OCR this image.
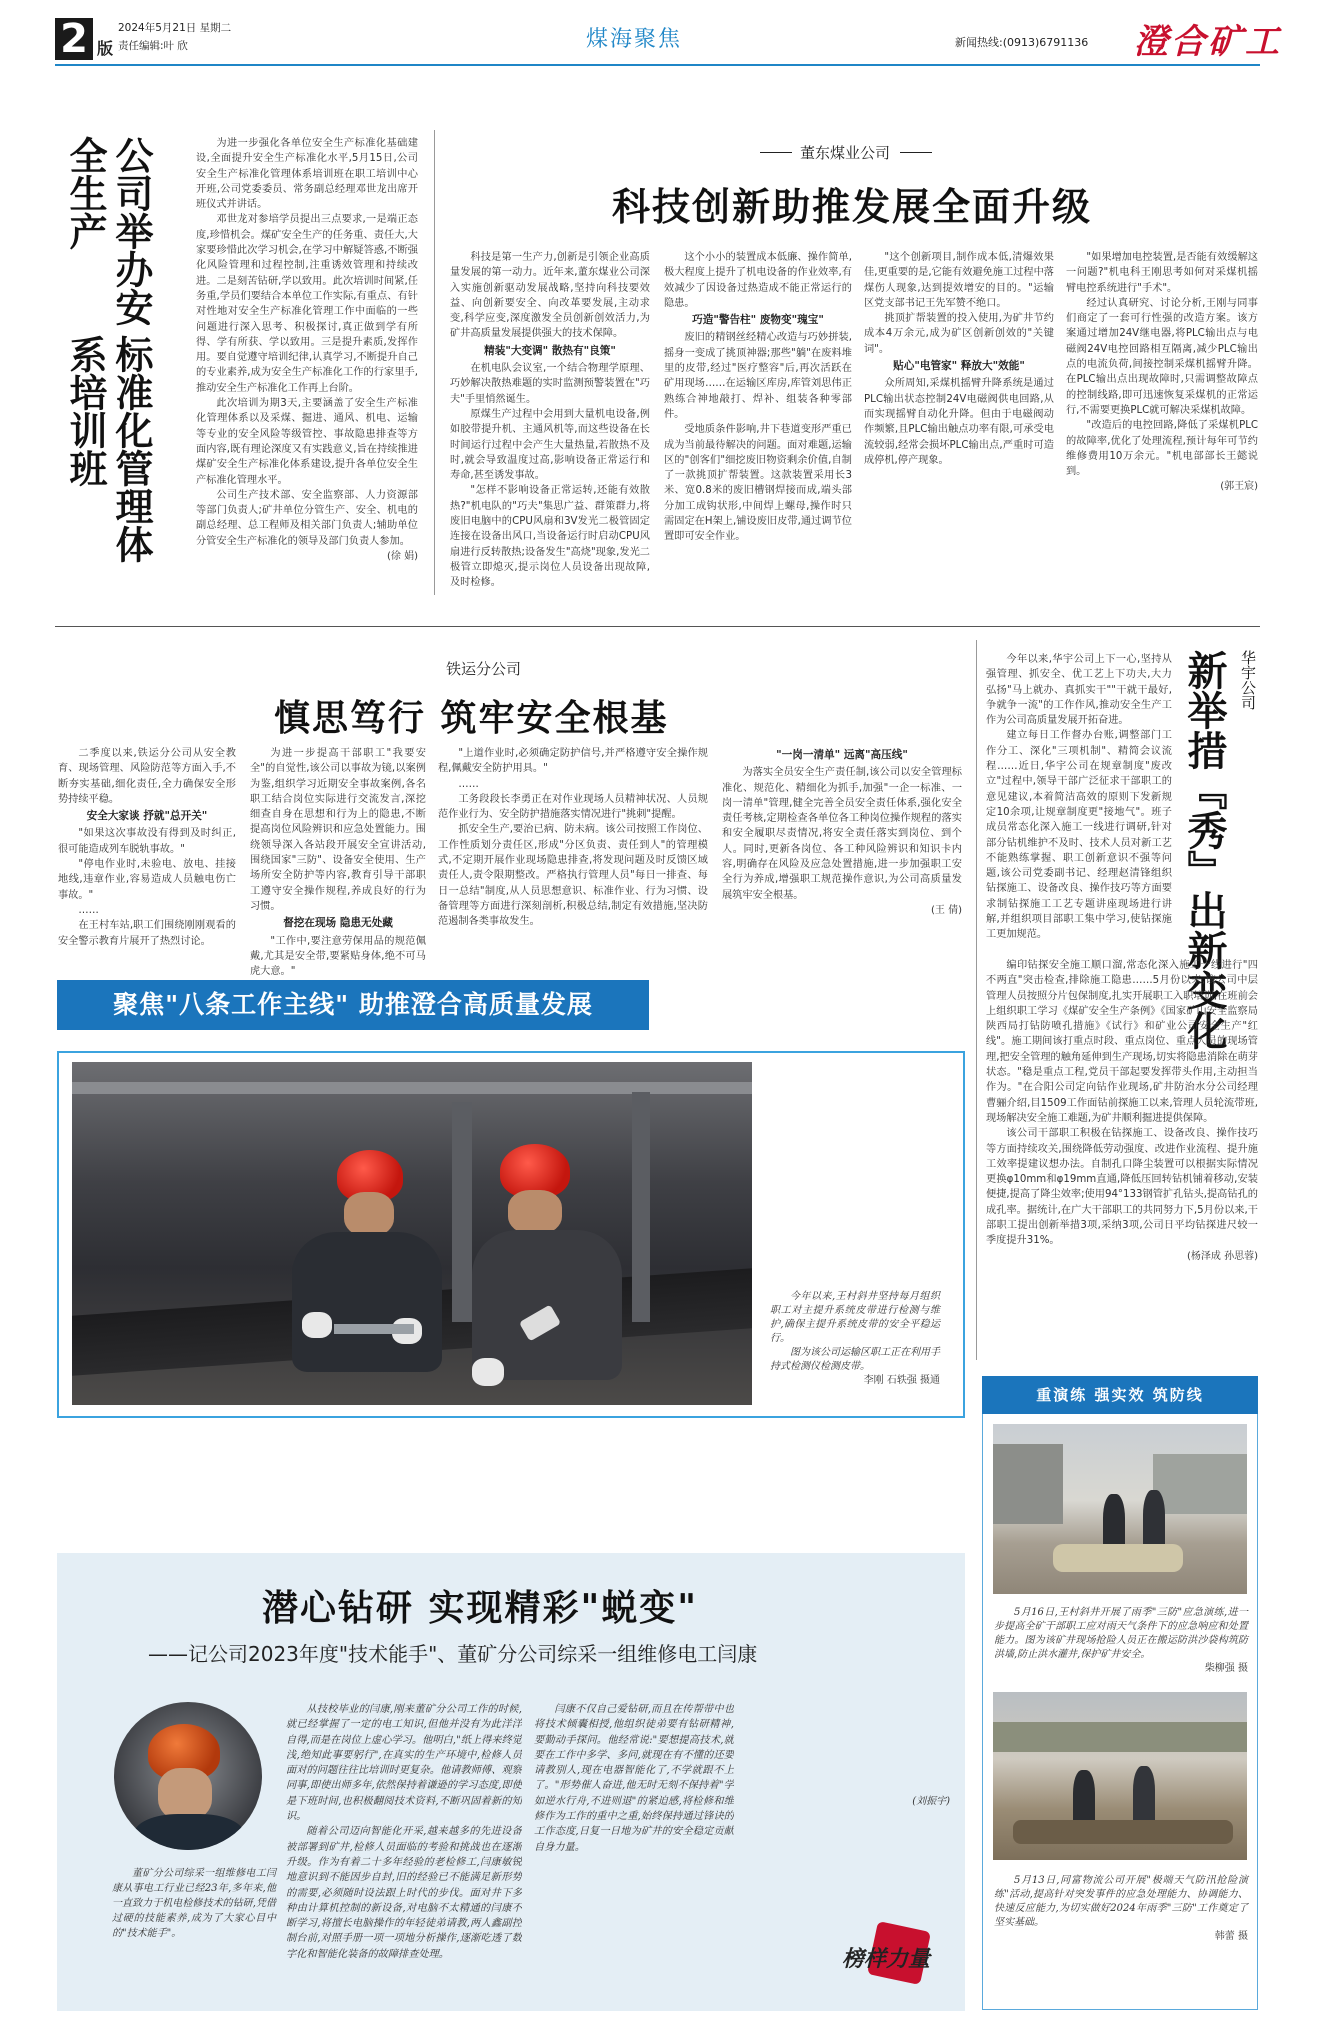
2 版
2024年5月21日 星期二
责任编辑:叶 欣	煤海聚焦	新闻热线:(0913)6791136 澄合矿工
标准化管理体系培训班
公司举办安全生产	为进一步强化各单位安全生产标准化基础建设,全面提升安全生产标准化水平,5月15日,公司安全生产标准化管理体系培训班在职工培训中心开班,公司党委委员、常务副总经理邓世龙出席开班仪式并讲话。

邓世龙对参培学员提出三点要求,一是端正态度,珍惜机会。煤矿安全生产的任务重、责任大,大家要珍惜此次学习机会,在学习中解疑答惑,不断强化风险管理和过程控制,注重诱效管理和持续改进。二是刻苦钻研,学以致用。此次培训时间紧,任务重,学员们要结合本单位工作实际,有重点、有针对性地对安全生产标准化管理工作中面临的一些问题进行深入思考、积极探讨,真正做到学有所得、学有所获、学以致用。三是提升素质,发挥作用。要自觉遵守培训纪律,认真学习,不断提升自己的专业素养,成为安全生产标准化工作的行家里手,推动安全生产标准化工作再上台阶。

此次培训为期3天,主要涵盖了安全生产标准化管理体系以及采煤、掘进、通风、机电、运输等专业的安全风险等级管控、事故隐患排查等方面内容,既有理论深度又有实践意义,旨在持续推进煤矿安全生产标准化体系建设,提升各单位安全生产标准化管理水平。

公司生产技术部、安全监察部、人力资源部等部门负责人;矿井单位分管生产、安全、机电的副总经理、总工程师及相关部门负责人;辅助单位分管安全生产标准化的领导及部门负责人参加。

(徐 娟)
董东煤业公司
科技创新助推发展全面升级

科技是第一生产力,创新是引领企业高质量发展的第一动力。近年来,董东煤业公司深入实施创新驱动发展战略,坚持向科技要效益、向创新要安全、向改革要发展,主动求变,科学应变,深度激发全员创新创效活力,为矿井高质量发展提供强大的技术保障。

精装"大变调" 散热有"良策"

在机电队会议室,一个结合物理学原理、巧妙解决散热难题的实时监测预警装置在"巧夫"手里悄然诞生。

原煤生产过程中会用到大量机电设备,例如胶带提升机、主通风机等,而这些设备在长时间运行过程中会产生大量热量,若散热不及时,就会导致温度过高,影响设备正常运行和寿命,甚至诱发事故。

"怎样不影响设备正常运转,还能有效散热?"机电队的"巧夫"集思广益、群策群力,将废旧电脑中的CPU风扇和3V发光二极管固定连接在设备出风口,当设备运行时启动CPU风扇进行反转散热;设备发生"高烧"现象,发光二极管立即熄灭,提示岗位人员设备出现故障,及时检修。

这个小小的装置成本低廉、操作简单,极大程度上提升了机电设备的作业效率,有效减少了因设备过热造成不能正常运行的隐患。

巧造"警告柱" 废物变"瑰宝"

废旧的精钢丝经精心改造与巧妙拼装,摇身一变成了挑顶神器;那些"躺"在废料堆里的皮带,经过"医疗整容"后,再次活跃在矿用现场……在运输区库房,库管刘思伟正熟练合神地敲打、焊补、组装各种零部件。

受地质条件影响,井下巷道变形严重已成为当前最待解决的问题。面对难题,运输区的"创客们"细挖废旧物资剩余价值,自制了一款挑顶扩帮装置。这款装置采用长3米、宽0.8米的废旧槽钢焊接而成,端头部分加工成钩状形,中间焊上螺母,操作时只需固定在H架上,铺设废旧皮带,通过调节位置即可安全作业。

"这个创新项目,制作成本低,清爆效果佳,更重要的是,它能有效避免施工过程中落煤伤人现象,达到提效增安的目的。"运输区党支部书记王先军赞不绝口。

挑顶扩帮装置的投入使用,为矿井节约成本4万余元,成为矿区创新创效的"关键词"。

贴心"电管家" 释放大"效能"

众所周知,采煤机摇臂升降系统是通过PLC输出状态控制24V电磁阀供电回路,从而实现摇臂自动化升降。但由于电磁阀动作频繁,且PLC输出触点功率有限,可承受电流较弱,经常会损坏PLC输出点,严重时可造成停机,停产现象。

"如果增加电控装置,是否能有效缓解这一问题?"机电科王刚思考如何对采煤机摇臂电控系统进行"手术"。

经过认真研究、讨论分析,王刚与同事们商定了一套可行性强的改造方案。该方案通过增加24V继电器,将PLC输出点与电磁阀24V电控回路相互隔离,减少PLC输出点的电流负荷,间接控制采煤机摇臂升降。在PLC输出点出现故障时,只需调整故障点的控制线路,即可迅速恢复采煤机的正常运行,不需要更换PLC就可解决采煤机故障。

"改造后的电控回路,降低了采煤机PLC的故障率,优化了处理流程,预计每年可节约维修费用10万余元。"机电部部长王懿说到。

(郭王宸)
铁运分公司
慎思笃行 筑牢安全根基

二季度以来,铁运分公司从安全教育、现场管理、风险防范等方面入手,不断夯实基础,细化责任,全力确保安全形势持续平稳。

安全大家谈 抒就"总开关"

"如果这次事故没有得到及时纠正,很可能造成列车脱轨事故。"

"停电作业时,未验电、放电、挂接地线,违章作业,容易造成人员触电伤亡事故。"

……

在王村车站,职工们围绕刚刚观看的安全警示教育片展开了热烈讨论。

为进一步提高干部职工"我要安全"的自觉性,该公司以事故为镜,以案例为鉴,组织学习近期安全事故案例,各名职工结合岗位实际进行交流发言,深挖细查自身在思想和行为上的隐患,不断提高岗位风险辨识和应急处置能力。围绕领导深入各站段开展安全宣讲活动,围绕国家"三防"、设备安全使用、生产场所安全防护等内容,教育引导干部职工遵守安全操作规程,养成良好的行为习惯。

督挖在现场 隐患无处藏

"工作中,要注意劳保用品的规范佩戴,尤其是安全带,要紧贴身体,绝不可马虎大意。"

"上道作业时,必须确定防护信号,并严格遵守安全操作规程,佩戴安全防护用具。"

……

工务段段长李勇正在对作业现场人员精神状况、人员规范作业行为、安全防护措施落实情况进行"挑刺"提醒。

抓安全生产,要治已病、防未病。该公司按照工作岗位、工作性质划分责任区,形成"分区负责、责任到人"的管理模式,不定期开展作业现场隐患排查,将发现问题及时反馈区域责任人,责令限期整改。严格执行管理人员"每日一排查、每日一总结"制度,从人员思想意识、标准作业、行为习惯、设备管理等方面进行深刻剖析,积极总结,制定有效措施,坚决防范遏制各类事故发生。

"一岗一清单" 远离"高压线"

为落实全员安全生产责任制,该公司以安全管理标准化、规范化、精细化为抓手,加强"一企一标准、一岗一清单"管理,健全完善全员安全责任体系,强化安全责任考核,定期检查各单位各工种岗位操作规程的落实和安全履职尽责情况,将安全责任落实到岗位、到个人。同时,更新各岗位、各工种风险辨识和知识卡内容,明确存在风险及应急处置措施,进一步加强职工安全行为养成,增强职工规范操作意识,为公司高质量发展筑牢安全根基。

(王 倩)
聚焦"八条工作主线" 助推澄合高质量发展
华宇公司
新举措『秀』出新变化

今年以来,华宇公司上下一心,坚持从强管理、抓安全、优工艺上下功夫,大力弘扬"马上就办、真抓实干""干就干最好,争就争一流"的工作作风,推动安全生产工作为公司高质量发展开拓奋进。

建立每日工作督办台账,调整部门工作分工、深化"三项机制"、精简会议流程……近日,华宇公司在规章制度"废改立"过程中,领导干部广泛征求干部职工的意见建议,本着简洁高效的原则下发新规定10余项,让规章制度更"接地气"。班子成员常态化深入施工一线进行调研,针对部分钻机维护不及时、技术人员对新工艺不能熟练掌握、职工创新意识不强等问题,该公司党委副书记、经理赵清锋组织钻探施工、设备改良、操作技巧等方面要求制钻探施工工艺专题讲座现场进行讲解,并组织项目部职工集中学习,使钻探施工更加规范。

编印钻探安全施工顺口溜,常态化深入施工一线进行"四不两直"突击检查,排除施工隐患……5月份以来,该公司中层管理人员按照分片包保制度,扎实开展职工入职培训,在班前会上组织职工学习《煤矿安全生产条例》《国家矿山安全监察局陕西局打钻防喷孔措施》《试行》和矿业公司安全生产"红线"。施工期间该打重点时段、重点岗位、重点人员的现场管理,把安全管理的触角延伸到生产现场,切实将隐患消除在萌芽状态。"稳是重点工程,党员干部起要发挥带头作用,主动担当作为。"在合阳公司定向钻作业现场,矿井防治水分公司经理曹骊介绍,目1509工作面钻前探施工以来,管理人员轮流带班,现场解决安全施工难题,为矿井顺利掘进提供保障。

该公司干部职工积极在钻探施工、设备改良、操作技巧等方面持续攻关,围绕降低劳动强度、改进作业流程、提升施工效率提建议想办法。自制孔口降尘装置可以根据实际情况更换φ10mm和φ19mm直通,降低压回转钻机铺着移动,安装便捷,提高了降尘效率;使用94°133钢管扩孔钻头,提高钻孔的成孔率。据统计,在广大干部职工的共同努力下,5月份以来,干部职工提出创新举措3项,采纳3项,公司日平均钻探进尺较一季度提升31%。

(杨泽成 孙思蓉)

今年以来,王村斜井坚持每月组织职工对主提升系统皮带进行检测与维护,确保主提升系统皮带的安全平稳运行。

图为该公司运输区职工正在利用手持式检测仪检测皮带。

李刚 石轶强 摄通
潜心钻研 实现精彩"蜕变"
——记公司2023年度"技术能手"、董矿分公司综采一组维修电工闫康

董矿分公司综采一组维修电工闫康从事电工行业已经23年,多年来,他一直致力于机电检修技术的钻研,凭借过硬的技能素养,成为了大家心目中的"技术能手"。

从技校毕业的闫康,刚来董矿分公司工作的时候,就已经掌握了一定的电工知识,但他并没有为此洋洋自得,而是在岗位上虚心学习。他明白,"纸上得来终觉浅,绝知此事要躬行",在真实的生产环境中,检修人员面对的问题往往比培训时更复杂。他请教师傅、观察同事,即使出师多年,依然保持着谦逊的学习态度,即使是下班时间,也积极翻阅技术资料,不断巩固着新的知识。

随着公司迈向智能化开采,越来越多的先进设备被部署到矿井,检修人员面临的考验和挑战也在逐渐升级。作为有着二十多年经验的老检修工,闫康敏锐地意识到不能因步自封,旧的经验已不能满足新形势的需要,必须随时设法跟上时代的步伐。面对井下多种由计算机控制的新设备,对电脑不太精通的闫康不断学习,将擅长电脑操作的年轻徒弟请教,两人鑫副控制台前,对照手册一项一项地分析操作,逐渐吃透了数字化和智能化装备的故障排查处理。

闫康不仅自己爱钻研,而且在传帮带中也将技术倾囊相授,他组织徒弟要有钻研精神,要勤动手探问。他经常说:"要想提高技术,就要在工作中多学、多问,就现在有不懂的还要请教别人,现在电器智能化了,不学就跟不上了。"形势催人奋进,他无时无刻不保持着"学如逆水行舟,不进则退"的紧迫感,将检修和维修作为工作的重中之重,始终保持通过锋诀的工作态度,日复一日地为矿井的安全稳定贡献自身力量。

(刘振宇)
榜样力量
重演练 强实效 筑防线

5月16日,王村斜井开展了雨季"三防"应急演练,进一步提高全矿干部职工应对雨天气条件下的应急响应和处置能力。图为该矿井现场抢险人员正在搬运防洪沙袋构筑防洪墙,防止洪水灌井,保护矿井安全。

柴柳强 摄

5月13日,同富物流公司开展"极端天气防汛抢险演练"活动,提高针对突发事件的应急处理能力、协调能力、快速反应能力,为切实做好2024年雨季"三防"工作奠定了坚实基础。

韩蕾 摄
